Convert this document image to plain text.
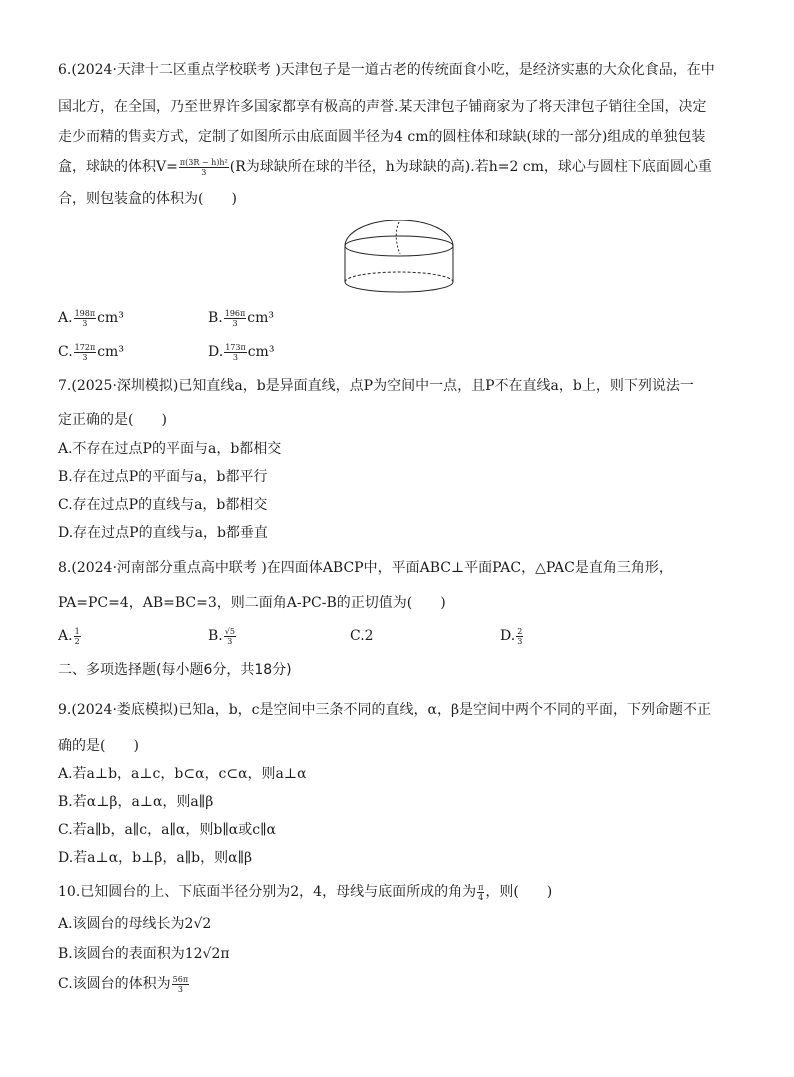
6.(2024·天津十二区重点学校联考 )天津包子是一道古老的传统面食小吃，是经济实惠的大众化食品，在中
国北方，在全国，乃至世界许多国家都享有极高的声誉.某天津包子铺商家为了将天津包子销往全国，决定
走少而精的售卖方式，定制了如图所示由底面圆半径为4 cm的圆柱体和球缺(球的一部分)组成的单独包装
盒，球缺的体积$V= \frac{\text{π(3R − h)h²}}{3} (R$为球缺所在球的半径，h为球缺的高).若h=2 cm，球心与圆柱下底面圆心重
合，则包装盒的体积为(　　)
A. $\frac{198\pi}{3} cm^3$	B. $\frac{196\pi}{3} cm^3$
C. $\frac{172\pi}{3} cm^3$	D. $\frac{173\pi}{3} cm^3$
7.(2025·深圳模拟)已知直线a，b是异面直线，点P为空间中一点，且P不在直线a，b上，则下列说法一
定正确的是(　　)
A.不存在过点P的平面与a，b都相交
B.存在过点P的平面与a，b都平行
C.存在过点P的直线与a，b都相交
D.存在过点P的直线与a，b都垂直
8.(2024·河南部分重点高中联考 )在四面体ABCP中，平面ABC⊥平面PAC，△PAC是直角三角形，
PA=PC=4，AB=BC=3，则二面角A-PC-B的正切值为(　　)
A. $\frac{1}{2}$	B. $\frac{√5}{3}$	C.2	D. $\frac{2}{3}$
二、多项选择题(每小题6分，共18分)
9.(2024·娄底模拟)已知a，b，c是空间中三条不同的直线，α，β是空间中两个不同的平面，下列命题不正
确的是(　　)
A.若a⊥b，a⊥c，b⊂α，c⊂α，则a⊥α
B.若α⊥β，a⊥α，则a∥β
C.若a∥b，a∥c，a∥α，则b∥α或c∥α
D.若a⊥α，b⊥β，a∥b，则α∥β
10.已知圆台的上、下底面半径分别为2，4，母线与底面所成的角为 $\frac{\pi}{4}$ ，则(　　)
A.该圆台的母线长为2√2
B.该圆台的表面积为12√2π
C.该圆台的体积为 $\frac{56\pi}{3}$
